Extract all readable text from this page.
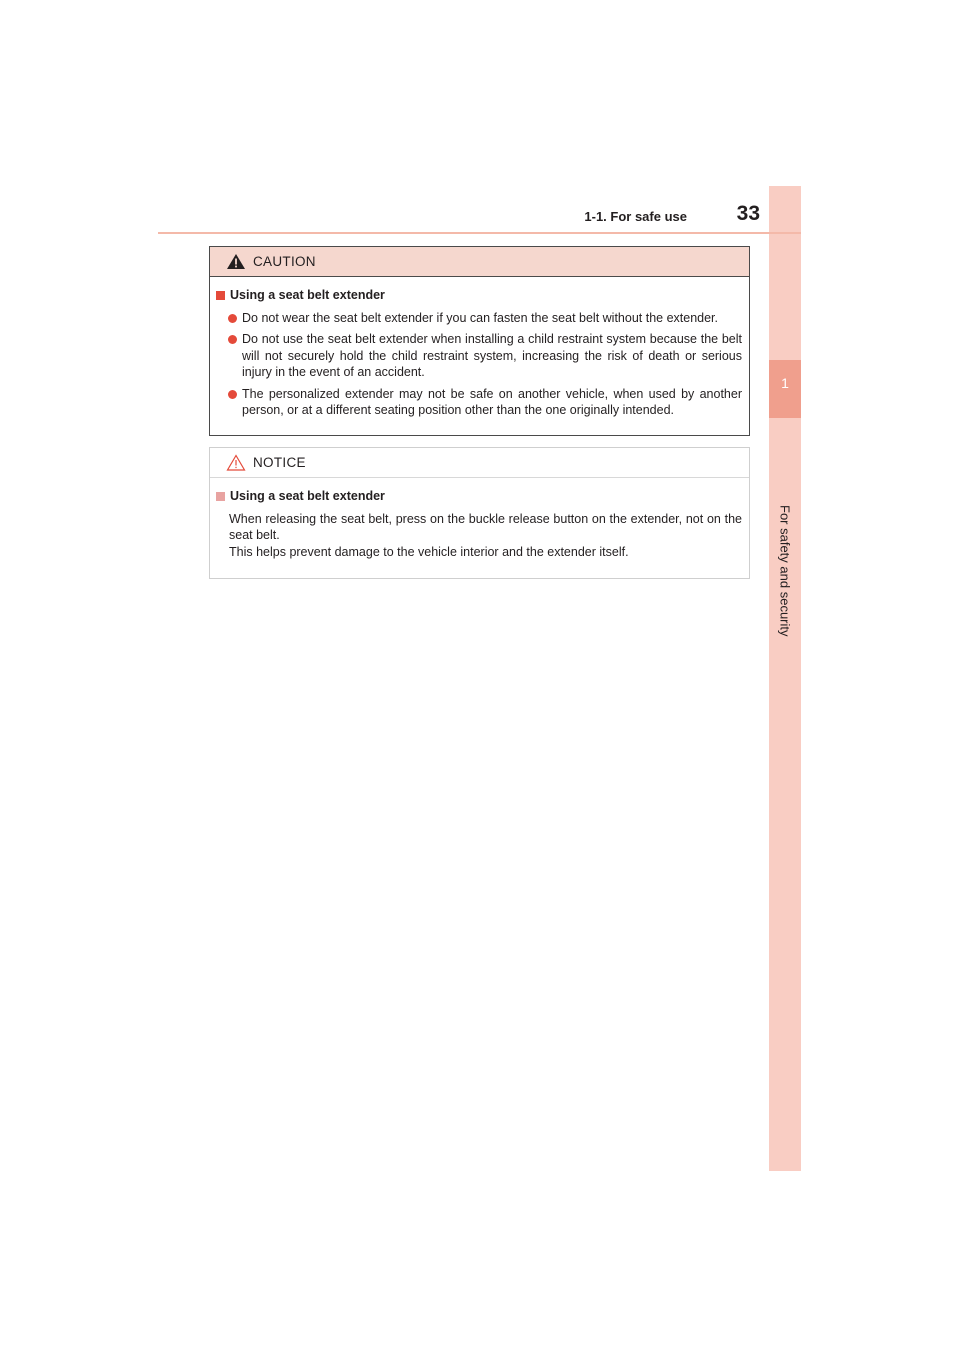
1
For safety and security
1-1. For safe use	33
CAUTION
Using a seat belt extender
Do not wear the seat belt extender if you can fasten the seat belt without the extender.
Do not use the seat belt extender when installing a child restraint system because the belt will not securely hold the child restraint system, increasing the risk of death or serious injury in the event of an accident.
The personalized extender may not be safe on another vehicle, when used by another person, or at a different seating position other than the one originally intended.
NOTICE
Using a seat belt extender
When releasing the seat belt, press on the buckle release button on the extender, not on the seat belt.
This helps prevent damage to the vehicle interior and the extender itself.
